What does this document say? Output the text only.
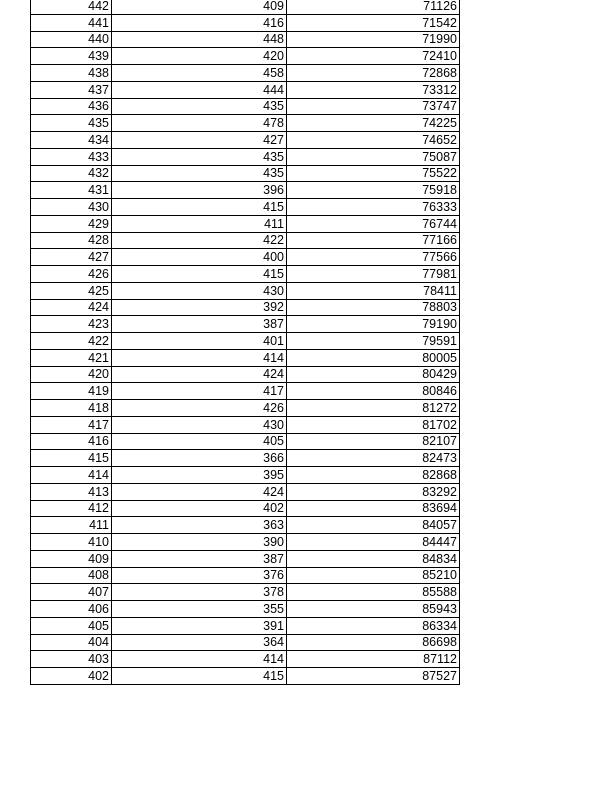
442	409	71126
441	416	71542
440	448	71990
439	420	72410
438	458	72868
437	444	73312
436	435	73747
435	478	74225
434	427	74652
433	435	75087
432	435	75522
431	396	75918
430	415	76333
429	411	76744
428	422	77166
427	400	77566
426	415	77981
425	430	78411
424	392	78803
423	387	79190
422	401	79591
421	414	80005
420	424	80429
419	417	80846
418	426	81272
417	430	81702
416	405	82107
415	366	82473
414	395	82868
413	424	83292
412	402	83694
411	363	84057
410	390	84447
409	387	84834
408	376	85210
407	378	85588
406	355	85943
405	391	86334
404	364	86698
403	414	87112
402	415	87527
